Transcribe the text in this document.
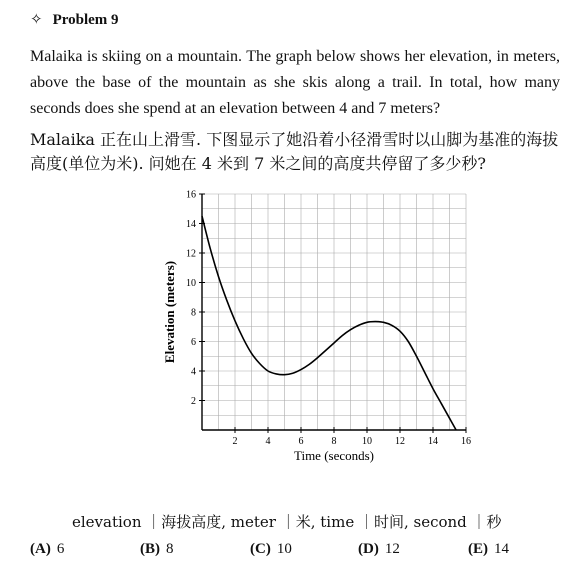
✧ Problem 9
Malaika is skiing on a mountain. The graph below shows her elevation, in meters, above the base of the mountain as she skis along a trail. In total, how many seconds does she spend at an elevation between 4 and 7 meters?
Malaika 正在山上滑雪. 下图显示了她沿着小径滑雪时以山脚为基准的海拔高度(单位为米). 问她在 4 米到 7 米之间的高度共停留了多少秒?
2	4	6	8	10 12 14 16
2
4
6
8
10
12
14
16
Time (seconds)
Elevation (meters)
elevation ｜海拔高度, meter ｜米, time ｜时间, second ｜秒
(A) 6	(B) 8	(C) 10	(D) 12	(E) 14
